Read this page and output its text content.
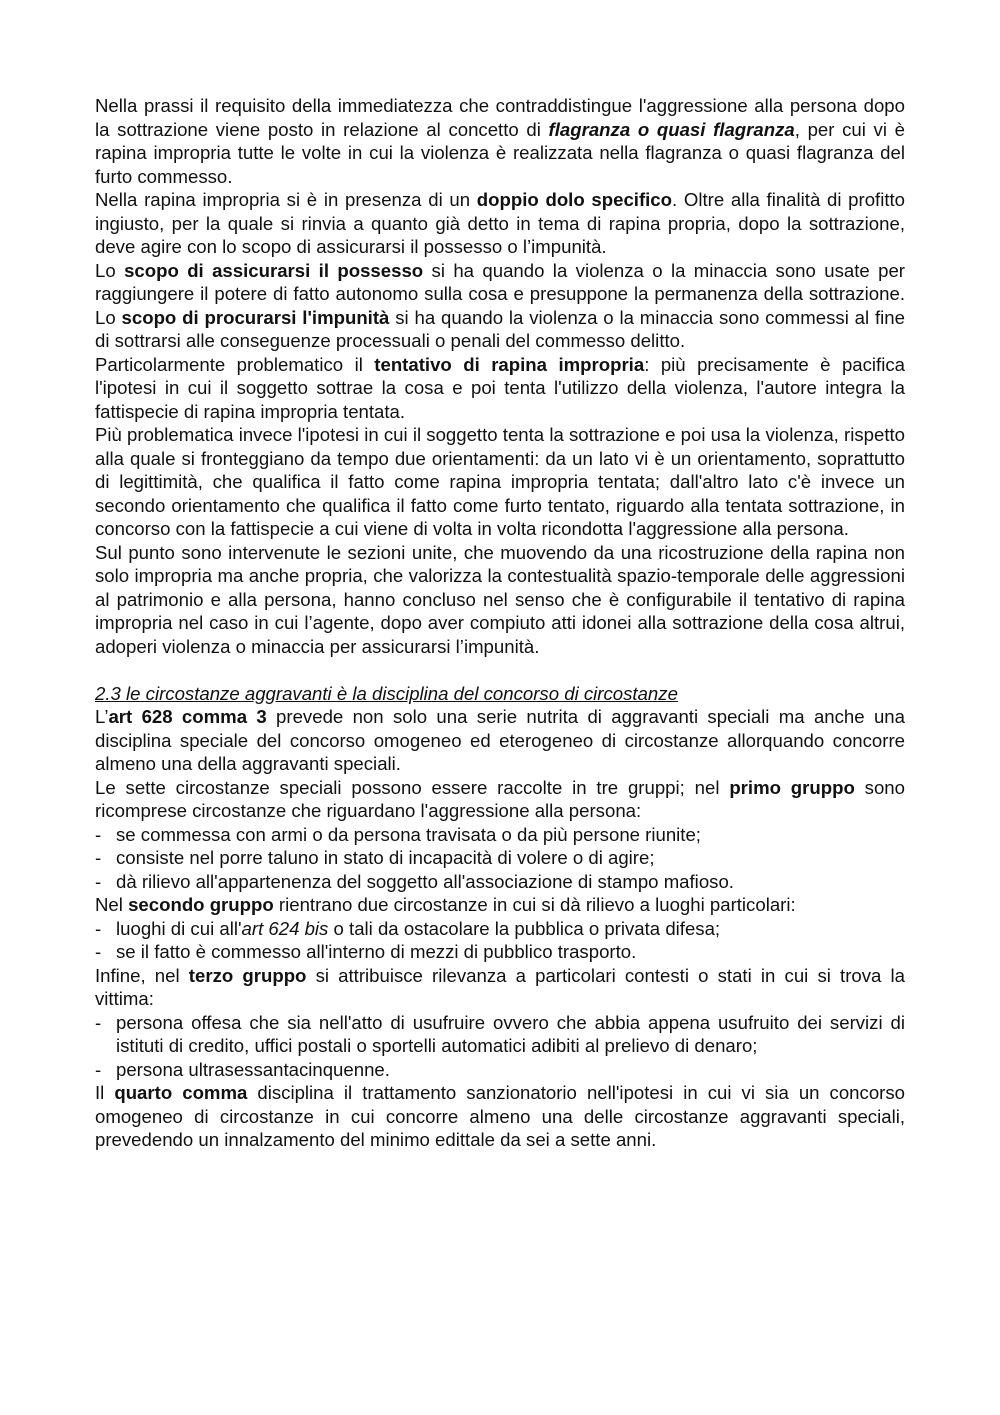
Nella prassi il requisito della immediatezza che contraddistingue l'aggressione alla persona dopo la sottrazione viene posto in relazione al concetto di flagranza o quasi flagranza, per cui vi è rapina impropria tutte le volte in cui la violenza è realizzata nella flagranza o quasi flagranza del furto commesso.

Nella rapina impropria si è in presenza di un doppio dolo specifico. Oltre alla finalità di profitto ingiusto, per la quale si rinvia a quanto già detto in tema di rapina propria, dopo la sottrazione, deve agire con lo scopo di assicurarsi il possesso o l’impunità.

Lo scopo di assicurarsi il possesso si ha quando la violenza o la minaccia sono usate per raggiungere il potere di fatto autonomo sulla cosa e presuppone la permanenza della sottrazione. Lo scopo di procurarsi l'impunità si ha quando la violenza o la minaccia sono commessi al fine di sottrarsi alle conseguenze processuali o penali del commesso delitto.

Particolarmente problematico il tentativo di rapina impropria: più precisamente è pacifica l'ipotesi in cui il soggetto sottrae la cosa e poi tenta l'utilizzo della violenza, l'autore integra la fattispecie di rapina impropria tentata.

Più problematica invece l'ipotesi in cui il soggetto tenta la sottrazione e poi usa la violenza, rispetto alla quale si fronteggiano da tempo due orientamenti: da un lato vi è un orientamento, soprattutto di legittimità, che qualifica il fatto come rapina impropria tentata; dall'altro lato c'è invece un secondo orientamento che qualifica il fatto come furto tentato, riguardo alla tentata sottrazione, in concorso con la fattispecie a cui viene di volta in volta ricondotta l'aggressione alla persona.

Sul punto sono intervenute le sezioni unite, che muovendo da una ricostruzione della rapina non solo impropria ma anche propria, che valorizza la contestualità spazio-temporale delle aggressioni al patrimonio e alla persona, hanno concluso nel senso che è configurabile il tentativo di rapina impropria nel caso in cui l’agente, dopo aver compiuto atti idonei alla sottrazione della cosa altrui, adoperi violenza o minaccia per assicurarsi l’impunità.

2.3 le circostanze aggravanti è la disciplina del concorso di circostanze

L’art 628 comma 3 prevede non solo una serie nutrita di aggravanti speciali ma anche una disciplina speciale del concorso omogeneo ed eterogeneo di circostanze allorquando concorre almeno una della aggravanti speciali.

Le sette circostanze speciali possono essere raccolte in tre gruppi; nel primo gruppo sono ricomprese circostanze che riguardano l'aggressione alla persona:

- se commessa con armi o da persona travisata o da più persone riunite;
- consiste nel porre taluno in stato di incapacità di volere o di agire;
- dà rilievo all'appartenenza del soggetto all'associazione di stampo mafioso.

Nel secondo gruppo rientrano due circostanze in cui si dà rilievo a luoghi particolari:

- luoghi di cui all'art 624 bis o tali da ostacolare la pubblica o privata difesa;
- se il fatto è commesso all'interno di mezzi di pubblico trasporto.

Infine, nel terzo gruppo si attribuisce rilevanza a particolari contesti o stati in cui si trova la vittima:

- persona offesa che sia nell'atto di usufruire ovvero che abbia appena usufruito dei servizi di istituti di credito, uffici postali o sportelli automatici adibiti al prelievo di denaro;
- persona ultrasessantacinquenne.

Il quarto comma disciplina il trattamento sanzionatorio nell'ipotesi in cui vi sia un concorso omogeneo di circostanze in cui concorre almeno una delle circostanze aggravanti speciali, prevedendo un innalzamento del minimo edittale da sei a sette anni.
